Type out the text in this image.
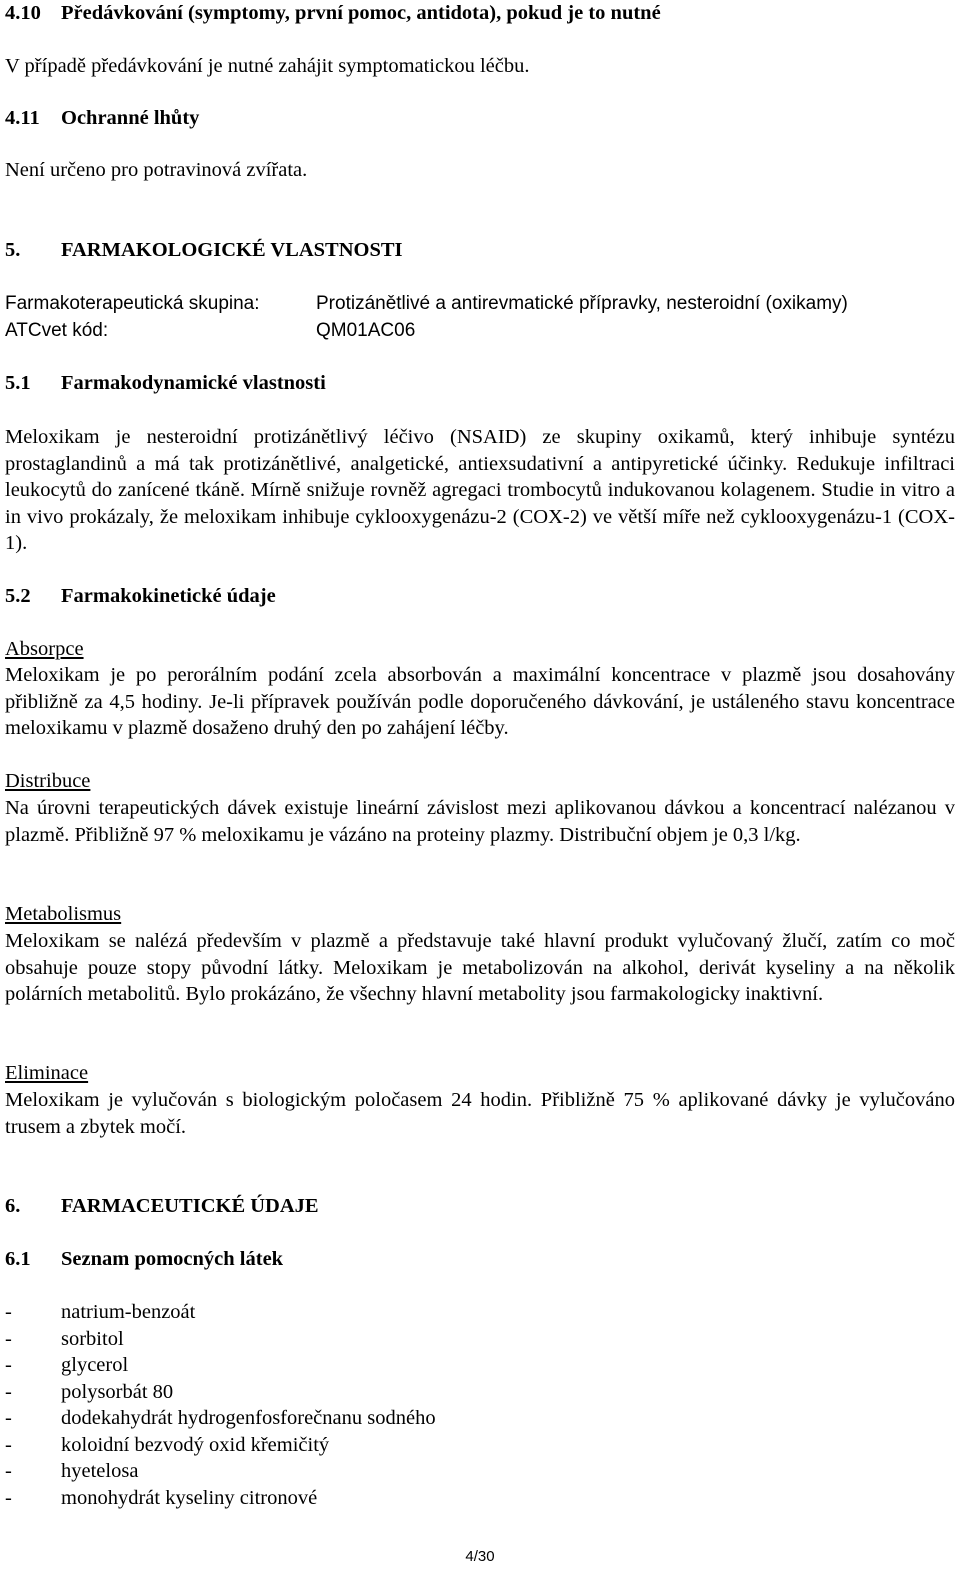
4.10 Předávkování (symptomy, první pomoc, antidota), pokud je to nutné
V případě předávkování je nutné zahájit symptomatickou léčbu.
4.11 Ochranné lhůty
Není určeno pro potravinová zvířata.
5. FARMAKOLOGICKÉ VLASTNOSTI
Farmakoterapeutická skupina:	Protizánětlivé a antirevmatické přípravky, nesteroidní (oxikamy)
ATCvet kód:	QM01AC06
5.1 Farmakodynamické vlastnosti
Meloxikam je nesteroidní protizánětlivý léčivo (NSAID) ze skupiny oxikamů, který inhibuje syntézu prostaglandinů a má tak protizánětlivé, analgetické, antiexsudativní a antipyretické účinky. Redukuje infiltraci leukocytů do zanícené tkáně. Mírně snižuje rovněž agregaci trombocytů indukovanou kolagenem. Studie in vitro a in vivo prokázaly, že meloxikam inhibuje cyklooxygenázu-2 (COX-2) ve větší míře než cyklooxygenázu-1 (COX-1).
5.2 Farmakokinetické údaje
Absorpce
Meloxikam je po perorálním podání zcela absorbován a maximální koncentrace v plazmě jsou dosahovány přibližně za 4,5 hodiny. Je-li přípravek používán podle doporučeného dávkování, je ustáleného stavu koncentrace meloxikamu v plazmě dosaženo druhý den po zahájení léčby.
Distribuce
Na úrovni terapeutických dávek existuje lineární závislost mezi aplikovanou dávkou a koncentrací nalézanou v plazmě. Přibližně 97 % meloxikamu je vázáno na proteiny plazmy. Distribuční objem je 0,3 l/kg.
Metabolismus
Meloxikam se nalézá především v plazmě a představuje také hlavní produkt vylučovaný žlučí, zatím co moč obsahuje pouze stopy původní látky. Meloxikam je metabolizován na alkohol, derivát kyseliny a na několik polárních metabolitů. Bylo prokázáno, že všechny hlavní metabolity jsou farmakologicky inaktivní.
Eliminace
Meloxikam je vylučován s biologickým poločasem 24 hodin. Přibližně 75 % aplikované dávky je vylučováno trusem a zbytek močí.
6. FARMACEUTICKÉ ÚDAJE
6.1 Seznam pomocných látek
- natrium-benzoát
- sorbitol
- glycerol
- polysorbát 80
- dodekahydrát hydrogenfosforečnanu sodného
- koloidní bezvodý oxid křemičitý
- hyetelosa
- monohydrát kyseliny citronové
4/30
